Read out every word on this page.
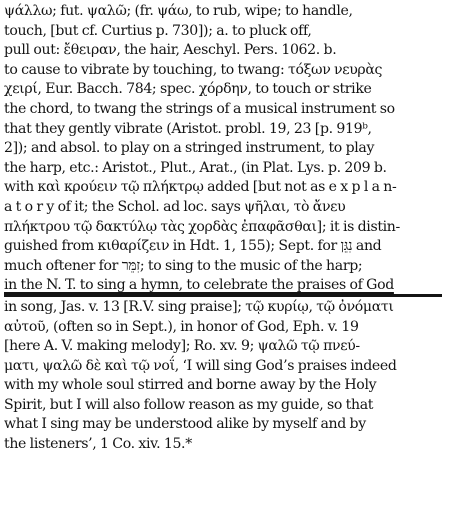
ψάλλω; fut. ψαλῶ; (fr. ψάω, to rub, wipe; to handle,
touch, [but cf. Curtius p. 730]); a. to pluck off,
pull out: ἔθειραν, the hair, Aeschyl. Pers. 1062. b.
to cause to vibrate by touching, to twang: τόξων νευρὰς
χειρί, Eur. Bacch. 784; spec. χόρδην, to touch or strike
the chord, to twang the strings of a musical instrument so
that they gently vibrate (Aristot. probl. 19, 23 [p. 919ᵇ,
2]); and absol. to play on a stringed instrument, to play
the harp, etc.: Aristot., Plut., Arat., (in Plat. Lys. p. 209 b.
with καὶ κρούειν τῷ πλήκτρῳ added [but not as e x p l a n-
a t o r y of it; the Schol. ad loc. says ψῆλαι, τὸ ἄνευ
πλήκτρου τῷ δακτύλῳ τὰς χορδὰς ἐπαφᾶσθαι]; it is distin-
guished from κιθαρίζειν in Hdt. 1, 155); Sept. for נִגֵּן and
much oftener for זִמֵּר; to sing to the music of the harp;
in the N. T. to sing a hymn, to celebrate the praises of God
in song, Jas. v. 13 [R.V. sing praise]; τῷ κυρίῳ, τῷ ὀνόματι
αὐτοῦ, (often so in Sept.), in honor of God, Eph. v. 19
[here A. V. making melody]; Ro. xv. 9; ψαλῶ τῷ πνεύ-
ματι, ψαλῶ δὲ καὶ τῷ νοΐ, ‘I will sing God’s praises indeed
with my whole soul stirred and borne away by the Holy
Spirit, but I will also follow reason as my guide, so that
what I sing may be understood alike by myself and by
the listeners’, 1 Co. xiv. 15.*
